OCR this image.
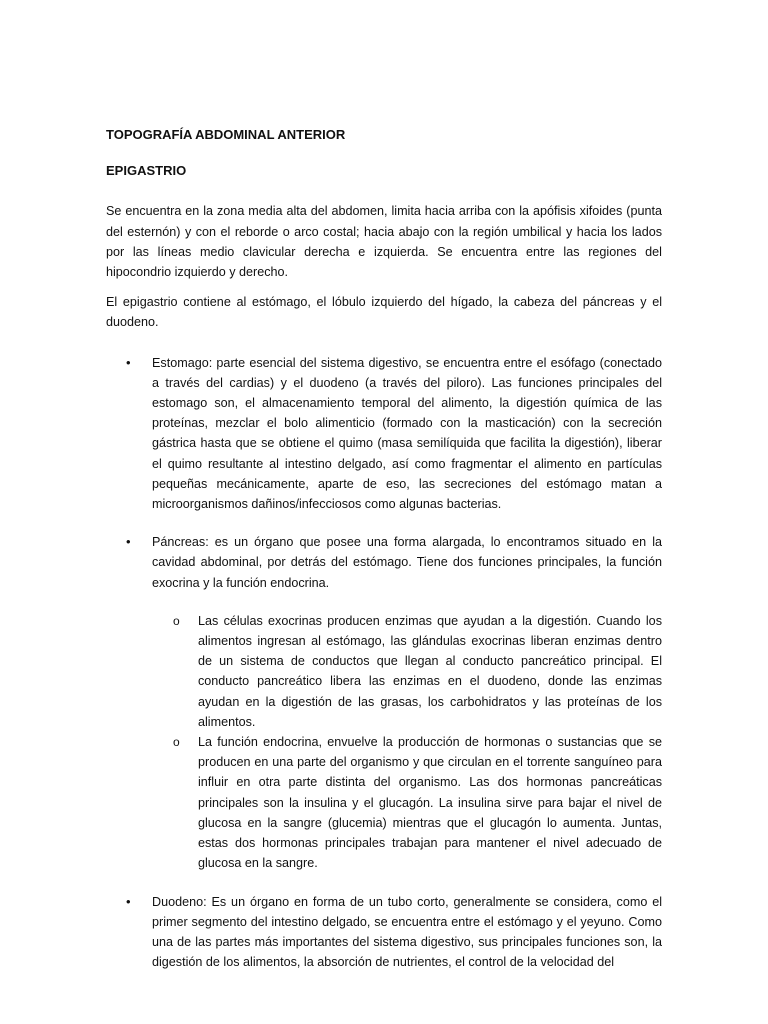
TOPOGRAFÍA ABDOMINAL ANTERIOR
EPIGASTRIO

Se encuentra en la zona media alta del abdomen, limita hacia arriba con la apófisis xifoides (punta del esternón) y con el reborde o arco costal; hacia abajo con la región umbilical y hacia los lados por las líneas medio clavicular derecha e izquierda. Se encuentra entre las regiones del hipocondrio izquierdo y derecho.

El epigastrio contiene al estómago, el lóbulo izquierdo del hígado, la cabeza del páncreas y el duodeno.

• Estomago: parte esencial del sistema digestivo, se encuentra entre el esófago (conectado a través del cardias) y el duodeno (a través del piloro). Las funciones principales del estomago son, el almacenamiento temporal del alimento, la digestión química de las proteínas, mezclar el bolo alimenticio (formado con la masticación) con la secreción gástrica hasta que se obtiene el quimo (masa semilíquida que facilita la digestión), liberar el quimo resultante al intestino delgado, así como fragmentar el alimento en partículas pequeñas mecánicamente, aparte de eso, las secreciones del estómago matan a microorganismos dañinos/infecciosos como algunas bacterias.
• Páncreas: es un órgano que posee una forma alargada, lo encontramos situado en la cavidad abdominal, por detrás del estómago. Tiene dos funciones principales, la función exocrina y la función endocrina.
o Las células exocrinas producen enzimas que ayudan a la digestión. Cuando los alimentos ingresan al estómago, las glándulas exocrinas liberan enzimas dentro de un sistema de conductos que llegan al conducto pancreático principal. El conducto pancreático libera las enzimas en el duodeno, donde las enzimas ayudan en la digestión de las grasas, los carbohidratos y las proteínas de los alimentos.
o La función endocrina, envuelve la producción de hormonas o sustancias que se producen en una parte del organismo y que circulan en el torrente sanguíneo para influir en otra parte distinta del organismo. Las dos hormonas pancreáticas principales son la insulina y el glucagón. La insulina sirve para bajar el nivel de glucosa en la sangre (glucemia) mientras que el glucagón lo aumenta. Juntas, estas dos hormonas principales trabajan para mantener el nivel adecuado de glucosa en la sangre.
• Duodeno: Es un órgano en forma de un tubo corto, generalmente se considera, como el primer segmento del intestino delgado, se encuentra entre el estómago y el yeyuno. Como una de las partes más importantes del sistema digestivo, sus principales funciones son, la digestión de los alimentos, la absorción de nutrientes, el control de la velocidad del
